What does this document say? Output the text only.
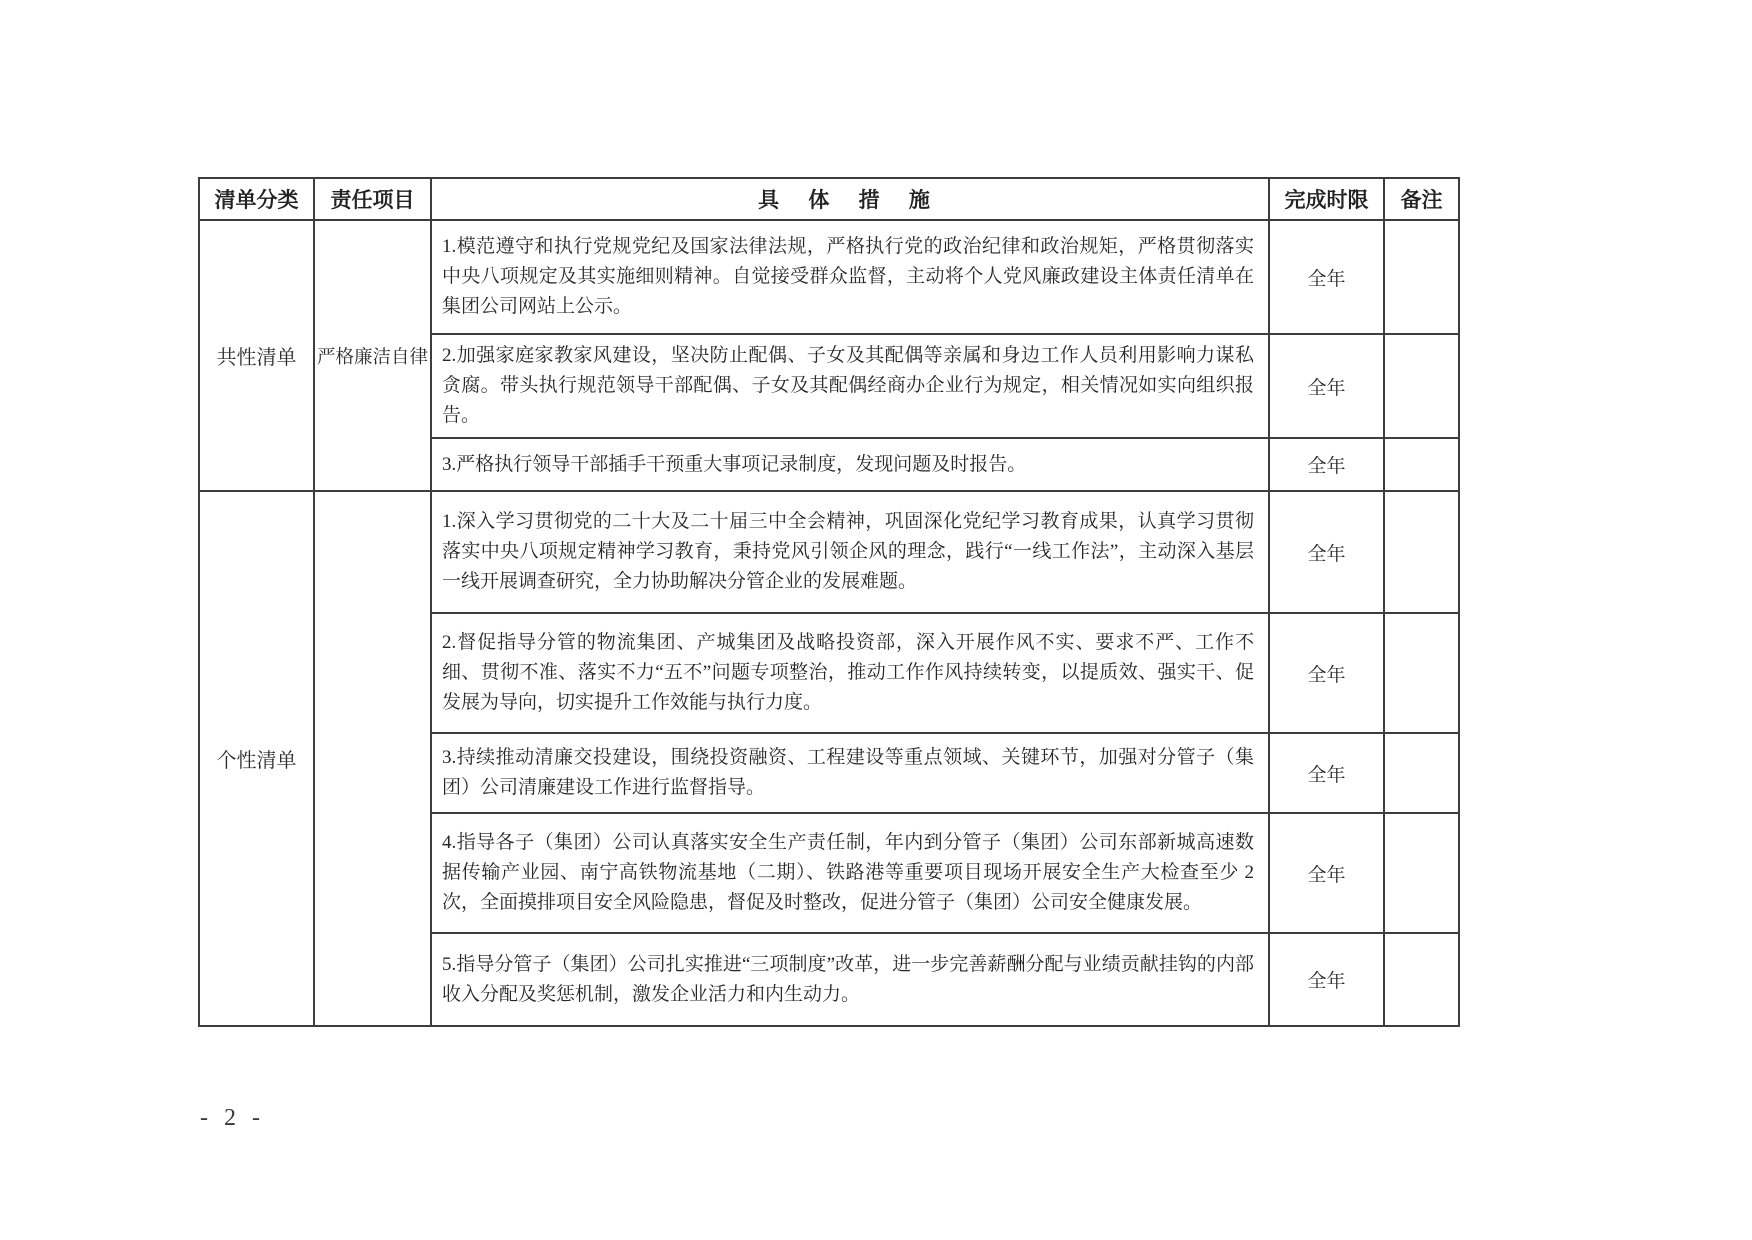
清单分类	责任项目	具 体 措 施	完成时限	备注
共性清单	严格廉洁自律	1.模范遵守和执行党规党纪及国家法律法规，严格执行党的政治纪律和政治规矩，严格贯彻落实中央八项规定及其实施细则精神。自觉接受群众监督，主动将个人党风廉政建设主体责任清单在集团公司网站上公示。	全年	
		2.加强家庭家教家风建设，坚决防止配偶、子女及其配偶等亲属和身边工作人员利用影响力谋私贪腐。带头执行规范领导干部配偶、子女及其配偶经商办企业行为规定，相关情况如实向组织报告。	全年	
		3.严格执行领导干部插手干预重大事项记录制度，发现问题及时报告。	全年	
个性清单		1.深入学习贯彻党的二十大及二十届三中全会精神，巩固深化党纪学习教育成果，认真学习贯彻落实中央八项规定精神学习教育，秉持党风引领企风的理念，践行“一线工作法”，主动深入基层一线开展调查研究，全力协助解决分管企业的发展难题。	全年	
		2.督促指导分管的物流集团、产城集团及战略投资部，深入开展作风不实、要求不严、工作不细、贯彻不准、落实不力“五不”问题专项整治，推动工作作风持续转变，以提质效、强实干、促发展为导向，切实提升工作效能与执行力度。	全年	
		3.持续推动清廉交投建设，围绕投资融资、工程建设等重点领域、关键环节，加强对分管子（集团）公司清廉建设工作进行监督指导。	全年	
		4.指导各子（集团）公司认真落实安全生产责任制，年内到分管子（集团）公司东部新城高速数据传输产业园、南宁高铁物流基地（二期）、铁路港等重要项目现场开展安全生产大检查至少 2 次，全面摸排项目安全风险隐患，督促及时整改，促进分管子（集团）公司安全健康发展。	全年	
		5.指导分管子（集团）公司扎实推进“三项制度”改革，进一步完善薪酬分配与业绩贡献挂钩的内部收入分配及奖惩机制，激发企业活力和内生动力。	全年	
- 2 -
